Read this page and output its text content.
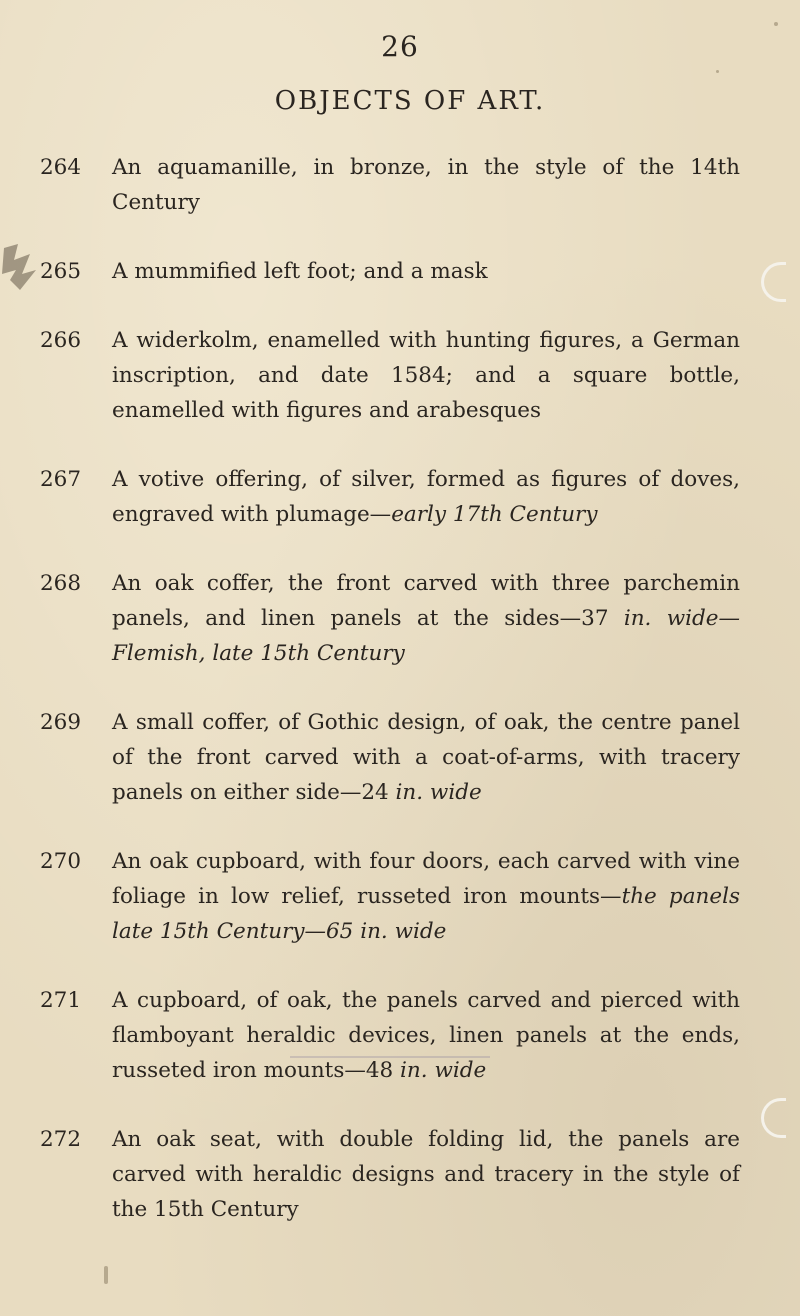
26
OBJECTS OF ART.
264	An aquamanille, in bronze, in the style of the 14th Century
265	A mummified left foot; and a mask
266	A widerkolm, enamelled with hunting figures, a German inscription, and date 1584; and a square bottle, enamelled with figures and arabesques
267	A votive offering, of silver, formed as figures of doves, engraved with plumage—early 17th Century
268	An oak coffer, the front carved with three parchemin panels, and linen panels at the sides—37 in. wide—Flemish, late 15th Century
269	A small coffer, of Gothic design, of oak, the centre panel of the front carved with a coat-of-arms, with tracery panels on either side—24 in. wide
270	An oak cupboard, with four doors, each carved with vine foliage in low relief, russeted iron mounts—the panels late 15th Century—65 in. wide
271	A cupboard, of oak, the panels carved and pierced with flamboyant heraldic devices, linen panels at the ends, russeted iron mounts—48 in. wide
272	An oak seat, with double folding lid, the panels are carved with heraldic designs and tracery in the style of the 15th Century
